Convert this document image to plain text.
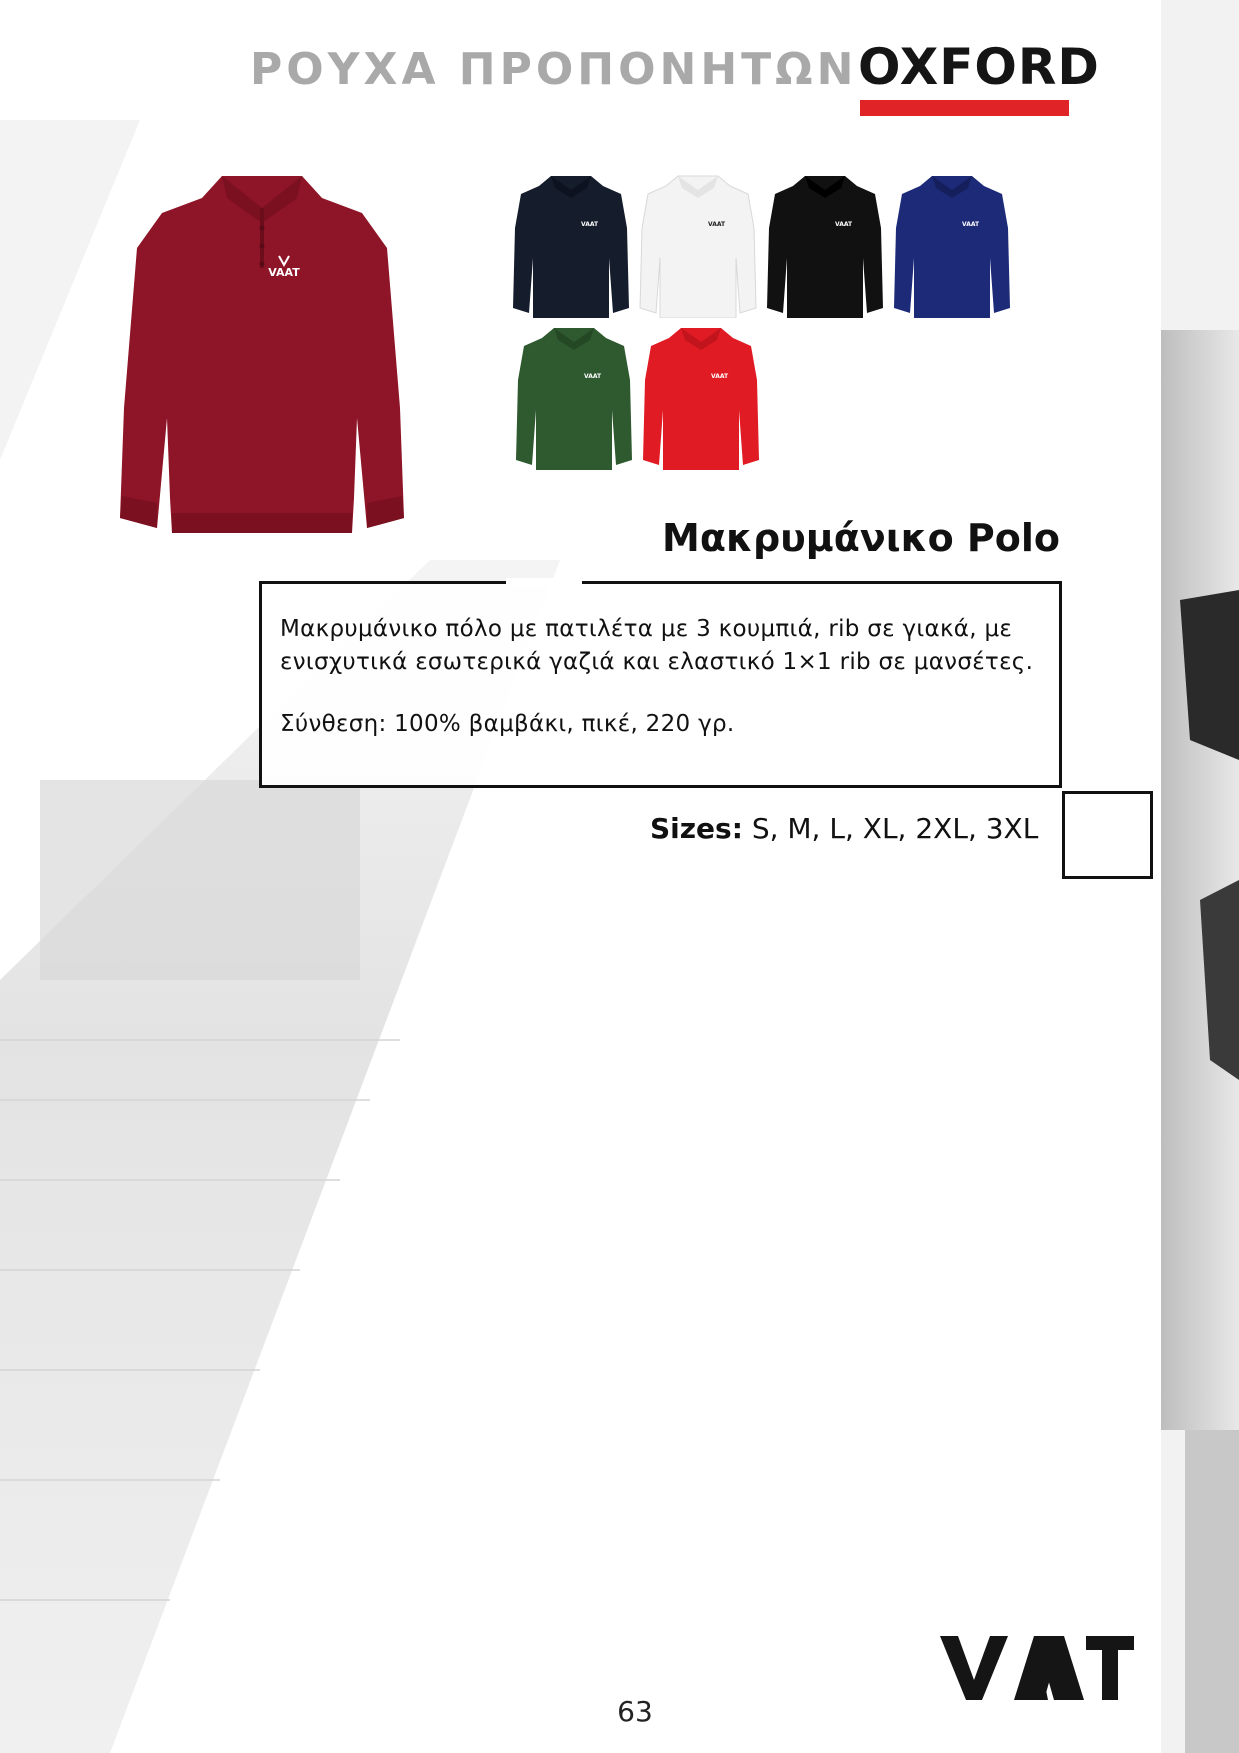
ΡΟΥΧΑ ΠΡΟΠΟΝΗΤΩΝ OXFORD
VAAT
VAAT	VAAT	VAAT	VAAT
VAAT	VAAT
Μακρυμάνικο Polo
Μακρυμάνικο πόλο με πατιλέτα με 3 κουμπιά, rib σε γιακά, με ενισχυτικά εσωτερικά γαζιά και ελαστικό 1×1 rib σε μανσέτες.
Σύνθεση: 100% βαμβάκι, πικέ, 220 γρ.
Sizes: S, M, L, XL, 2XL, 3XL
63
